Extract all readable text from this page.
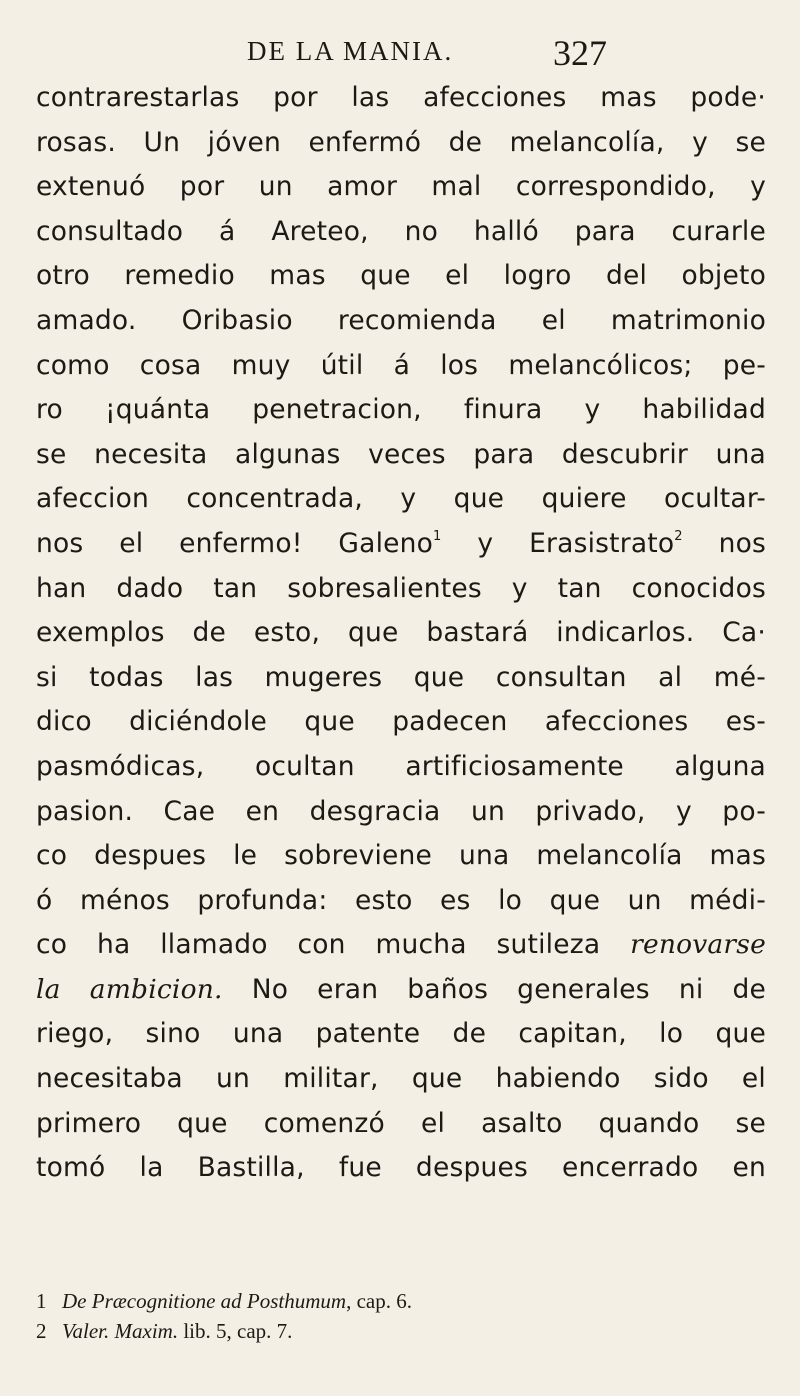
DE LA MANIA.	327
contrarestarlas por las afecciones mas pode·
rosas. Un jóven enfermó de melancolía, y se
extenuó por un amor mal correspondido, y
consultado á Areteo, no halló para curarle
otro remedio mas que el logro del objeto
amado. Oribasio recomienda el matrimonio
como cosa muy útil á los melancólicos; pe-
ro ¡quánta penetracion, finura y habilidad
se necesita algunas veces para descubrir una
afeccion concentrada, y que quiere ocultar-
nos el enfermo! Galeno$^1$ y Erasistrato$^2$ nos
han dado tan sobresalientes y tan conocidos
exemplos de esto, que bastará indicarlos. Ca·
si todas las mugeres que consultan al mé-
dico diciéndole que padecen afecciones es-
pasmódicas, ocultan artificiosamente alguna
pasion. Cae en desgracia un privado, y po-
co despues le sobreviene una melancolía mas
ó ménos profunda: esto es lo que un médi-
co ha llamado con mucha sutileza renovarse
la ambicion. No eran baños generales ni de
riego, sino una patente de capitan, lo que
necesitaba un militar, que habiendo sido el
primero que comenzó el asalto quando se
tomó la Bastilla, fue despues encerrado en
1 De Præcognitione ad Posthumum, cap. 6.
2 Valer. Maxim. lib. 5, cap. 7.
